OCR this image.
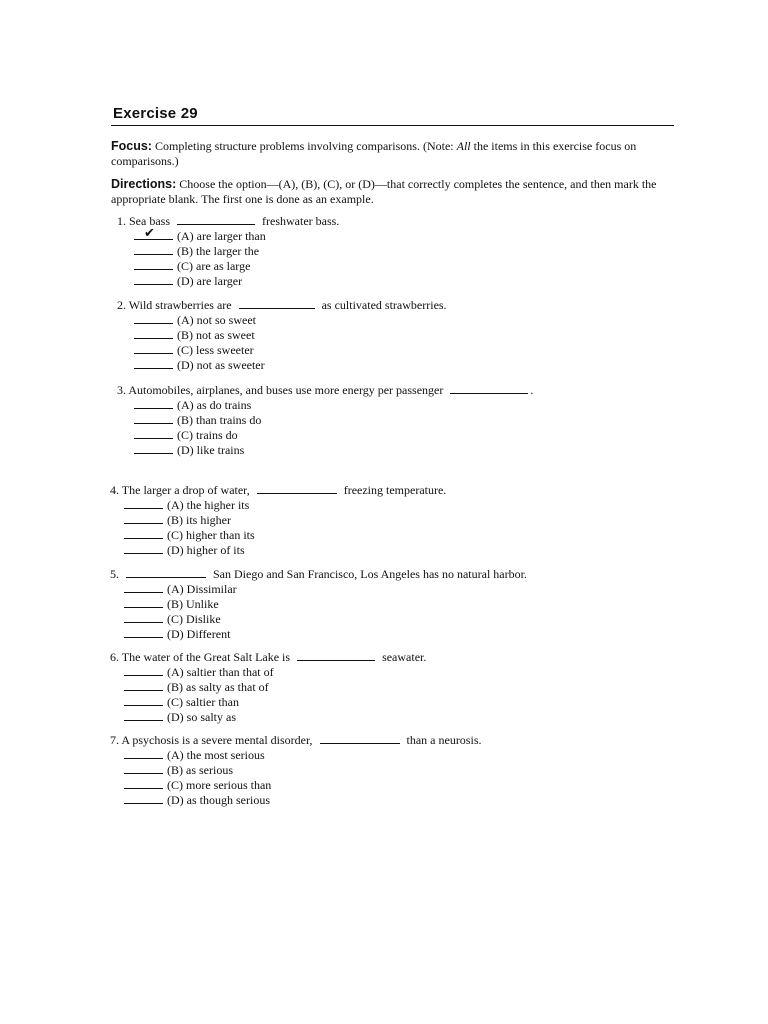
Exercise 29
Focus: Completing structure problems involving comparisons. (Note: All the items in this exercise focus on comparisons.)
Directions: Choose the option—(A), (B), (C), or (D)—that correctly completes the sentence, and then mark the appropriate blank. The first one is done as an example.
1. Sea bass	freshwater bass.
✔ (A) are larger than
(B) the larger the
(C) are as large
(D) are larger
2. Wild strawberries are	as cultivated strawberries.
(A) not so sweet
(B) not as sweet
(C) less sweeter
(D) not as sweeter
3. Automobiles, airplanes, and buses use more energy per passenger	.
(A) as do trains
(B) than trains do
(C) trains do
(D) like trains
4. The larger a drop of water,	freezing temperature.
(A) the higher its
(B) its higher
(C) higher than its
(D) higher of its
5.	San Diego and San Francisco, Los Angeles has no natural harbor.
(A) Dissimilar
(B) Unlike
(C) Dislike
(D) Different
6. The water of the Great Salt Lake is	seawater.
(A) saltier than that of
(B) as salty as that of
(C) saltier than
(D) so salty as
7. A psychosis is a severe mental disorder,	than a neurosis.
(A) the most serious
(B) as serious
(C) more serious than
(D) as though serious
